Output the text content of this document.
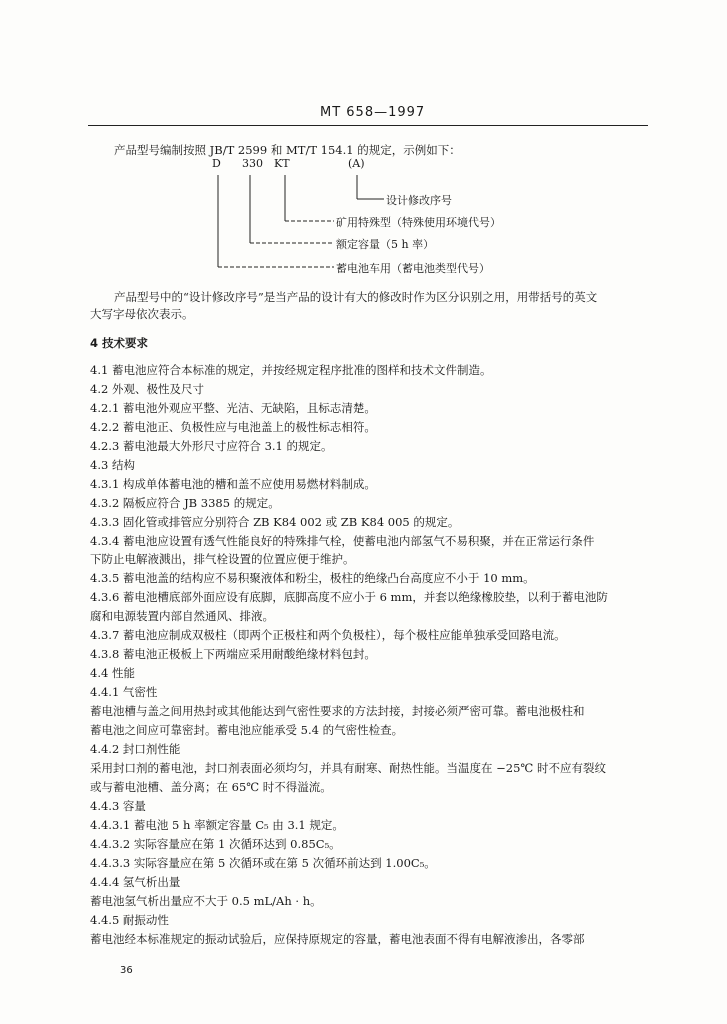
MT 658—1997
产品型号编制按照 JB/T 2599 和 MT/T 154.1 的规定，示例如下：
D 330 KT	(A)
设计修改序号
矿用特殊型（特殊使用环境代号）
额定容量（5 h 率）
蓄电池车用（蓄电池类型代号）
产品型号中的“设计修改序号”是当产品的设计有大的修改时作为区分识别之用，用带括号的英文
大写字母依次表示。
4 技术要求
4.1 蓄电池应符合本标准的规定，并按经规定程序批准的图样和技术文件制造。
4.2 外观、极性及尺寸
4.2.1 蓄电池外观应平整、光洁、无缺陷，且标志清楚。
4.2.2 蓄电池正、负极性应与电池盖上的极性标志相符。
4.2.3 蓄电池最大外形尺寸应符合 3.1 的规定。
4.3 结构
4.3.1 构成单体蓄电池的槽和盖不应使用易燃材料制成。
4.3.2 隔板应符合 JB 3385 的规定。
4.3.3 固化管或排管应分别符合 ZB K84 002 或 ZB K84 005 的规定。
4.3.4 蓄电池应设置有透气性能良好的特殊排气栓，使蓄电池内部氢气不易积聚，并在正常运行条件
下防止电解液溅出，排气栓设置的位置应便于维护。
4.3.5 蓄电池盖的结构应不易积聚液体和粉尘，极柱的绝缘凸台高度应不小于 10 mm。
4.3.6 蓄电池槽底部外面应设有底脚，底脚高度不应小于 6 mm，并套以绝缘橡胶垫，以利于蓄电池防
腐和电源装置内部自然通风、排液。
4.3.7 蓄电池应制成双极柱（即两个正极柱和两个负极柱），每个极柱应能单独承受回路电流。
4.3.8 蓄电池正极板上下两端应采用耐酸绝缘材料包封。
4.4 性能
4.4.1 气密性
蓄电池槽与盖之间用热封或其他能达到气密性要求的方法封接，封接必须严密可靠。蓄电池极柱和
蓄电池之间应可靠密封。蓄电池应能承受 5.4 的气密性检查。
4.4.2 封口剂性能
采用封口剂的蓄电池，封口剂表面必须均匀，并具有耐寒、耐热性能。当温度在 −25℃ 时不应有裂纹
或与蓄电池槽、盖分离；在 65℃ 时不得溢流。
4.4.3 容量
4.4.3.1 蓄电池 5 h 率额定容量 C₅ 由 3.1 规定。
4.4.3.2 实际容量应在第 1 次循环达到 0.85C₅。
4.4.3.3 实际容量应在第 5 次循环或在第 5 次循环前达到 1.00C₅。
4.4.4 氢气析出量
蓄电池氢气析出量应不大于 0.5 mL/Ah · h。
4.4.5 耐振动性
蓄电池经本标准规定的振动试验后，应保持原规定的容量，蓄电池表面不得有电解液渗出，各零部
36
